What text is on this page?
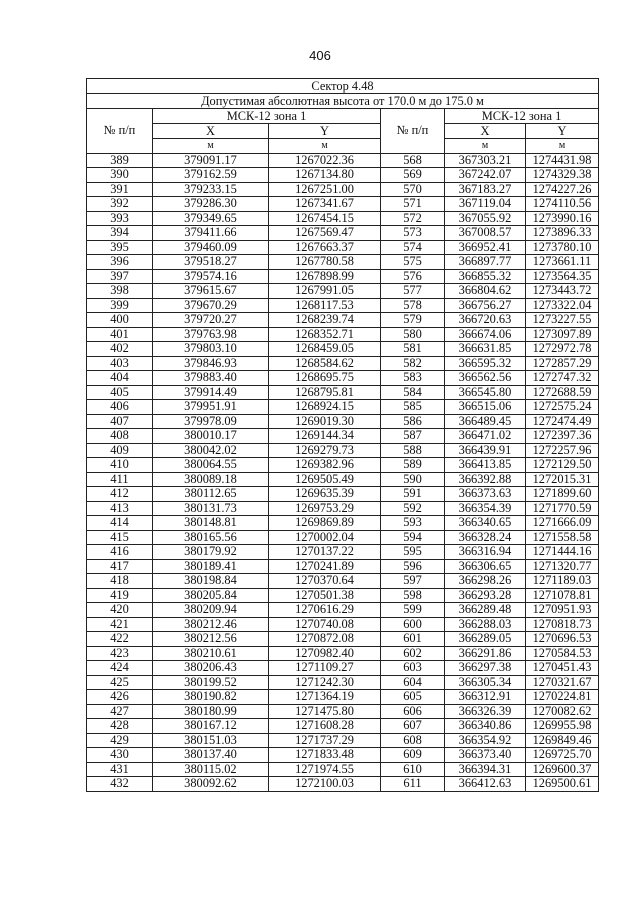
406
Сектор 4.48					
Допустимая абсолютная высота от 170.0 м до 175.0 м					
№ п/п	МСК-12 зона 1		№ п/п	МСК-12 зона 1	
	X	Y		X	Y
	м	м		м	м
389	379091.17	1267022.36	568	367303.21	1274431.98
390	379162.59	1267134.80	569	367242.07	1274329.38
391	379233.15	1267251.00	570	367183.27	1274227.26
392	379286.30	1267341.67	571	367119.04	1274110.56
393	379349.65	1267454.15	572	367055.92	1273990.16
394	379411.66	1267569.47	573	367008.57	1273896.33
395	379460.09	1267663.37	574	366952.41	1273780.10
396	379518.27	1267780.58	575	366897.77	1273661.11
397	379574.16	1267898.99	576	366855.32	1273564.35
398	379615.67	1267991.05	577	366804.62	1273443.72
399	379670.29	1268117.53	578	366756.27	1273322.04
400	379720.27	1268239.74	579	366720.63	1273227.55
401	379763.98	1268352.71	580	366674.06	1273097.89
402	379803.10	1268459.05	581	366631.85	1272972.78
403	379846.93	1268584.62	582	366595.32	1272857.29
404	379883.40	1268695.75	583	366562.56	1272747.32
405	379914.49	1268795.81	584	366545.80	1272688.59
406	379951.91	1268924.15	585	366515.06	1272575.24
407	379978.09	1269019.30	586	366489.45	1272474.49
408	380010.17	1269144.34	587	366471.02	1272397.36
409	380042.02	1269279.73	588	366439.91	1272257.96
410	380064.55	1269382.96	589	366413.85	1272129.50
411	380089.18	1269505.49	590	366392.88	1272015.31
412	380112.65	1269635.39	591	366373.63	1271899.60
413	380131.73	1269753.29	592	366354.39	1271770.59
414	380148.81	1269869.89	593	366340.65	1271666.09
415	380165.56	1270002.04	594	366328.24	1271558.58
416	380179.92	1270137.22	595	366316.94	1271444.16
417	380189.41	1270241.89	596	366306.65	1271320.77
418	380198.84	1270370.64	597	366298.26	1271189.03
419	380205.84	1270501.38	598	366293.28	1271078.81
420	380209.94	1270616.29	599	366289.48	1270951.93
421	380212.46	1270740.08	600	366288.03	1270818.73
422	380212.56	1270872.08	601	366289.05	1270696.53
423	380210.61	1270982.40	602	366291.86	1270584.53
424	380206.43	1271109.27	603	366297.38	1270451.43
425	380199.52	1271242.30	604	366305.34	1270321.67
426	380190.82	1271364.19	605	366312.91	1270224.81
427	380180.99	1271475.80	606	366326.39	1270082.62
428	380167.12	1271608.28	607	366340.86	1269955.98
429	380151.03	1271737.29	608	366354.92	1269849.46
430	380137.40	1271833.48	609	366373.40	1269725.70
431	380115.02	1271974.55	610	366394.31	1269600.37
432	380092.62	1272100.03	611	366412.63	1269500.61
